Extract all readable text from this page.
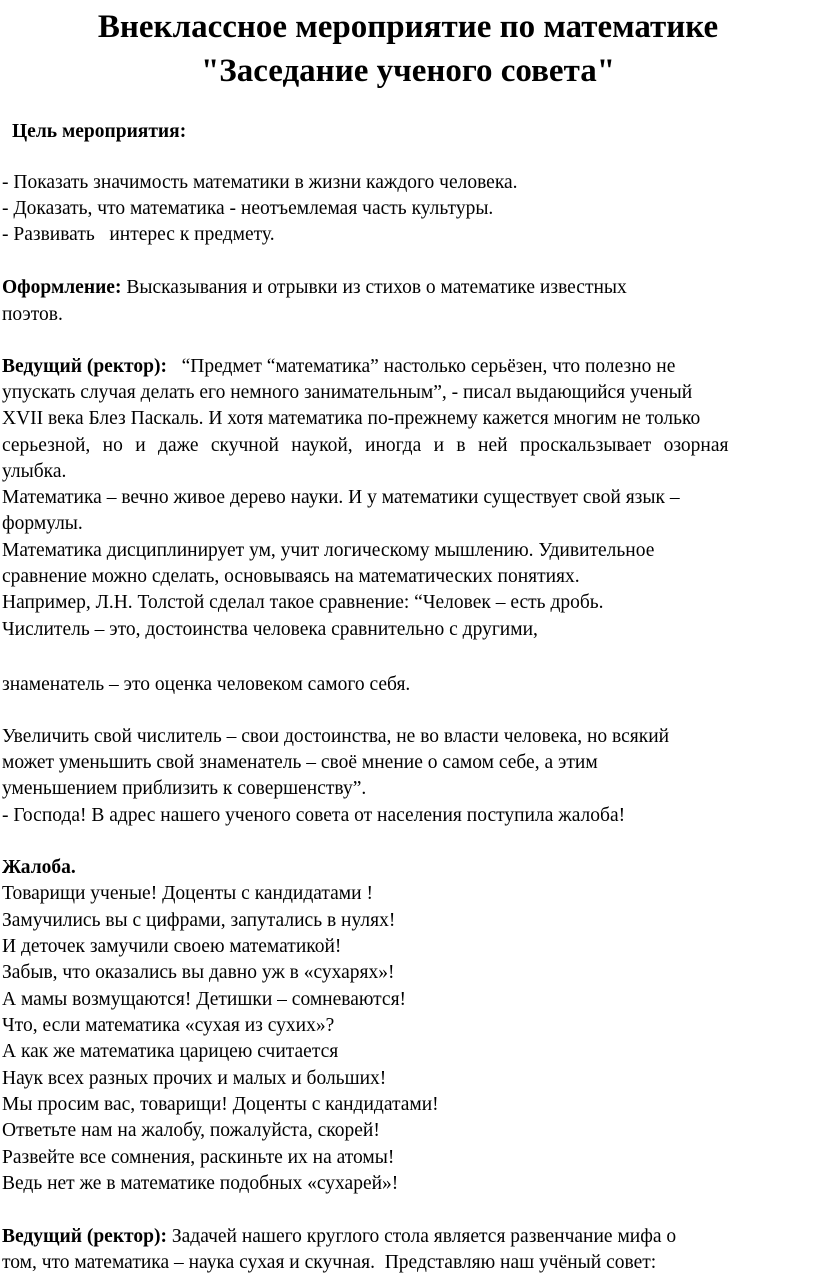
Внеклассное мероприятие по математике
"Заседание ученого совета"

Цель мероприятия:

- Показать значимость математики в жизни каждого человека.

- Доказать, что математика - неотъемлемая часть культуры.

- Развивать   интерес к предмету.

Оформление: Высказывания и отрывки из стихов о математике известных

поэтов.

Ведущий (ректор):   “Предмет “математика” настолько серьёзен, что полезно не

упускать случая делать его немного занимательным”, - писал выдающийся ученый

XVII века Блез Паскаль. И хотя математика по-прежнему кажется многим не только

серьезной, но и даже скучной наукой, иногда и в ней проскальзывает озорная

улыбка.

Математика – вечно живое дерево науки. И у математики существует свой язык –

формулы.

Математика дисциплинирует ум, учит логическому мышлению. Удивительное

сравнение можно сделать, основываясь на математических понятиях.

Например, Л.Н. Толстой сделал такое сравнение: “Человек – есть дробь.

Числитель – это, достоинства человека сравнительно с другими,

знаменатель – это оценка человеком самого себя.

Увеличить свой числитель – свои достоинства, не во власти человека, но всякий

может уменьшить свой знаменатель – своё мнение о самом себе, а этим

уменьшением приблизить к совершенству”.

- Господа! В адрес нашего ученого совета от населения поступила жалоба!

Жалоба.

Товарищи ученые! Доценты с кандидатами !

Замучились вы с цифрами, запутались в нулях!

И деточек замучили своею математикой!

Забыв, что оказались вы давно уж в «сухарях»!

А мамы возмущаются! Детишки – сомневаются!

Что, если математика «сухая из сухих»?

А как же математика царицею считается

Наук всех разных прочих и малых и больших!

Мы просим вас, товарищи! Доценты с кандидатами!

Ответьте нам на жалобу, пожалуйста, скорей!

Развейте все сомнения, раскиньте их на атомы!

Ведь нет же в математике подобных «сухарей»!

Ведущий (ректор): Задачей нашего круглого стола является развенчание мифа о

том, что математика – наука сухая и скучная.  Представляю наш учёный совет:
